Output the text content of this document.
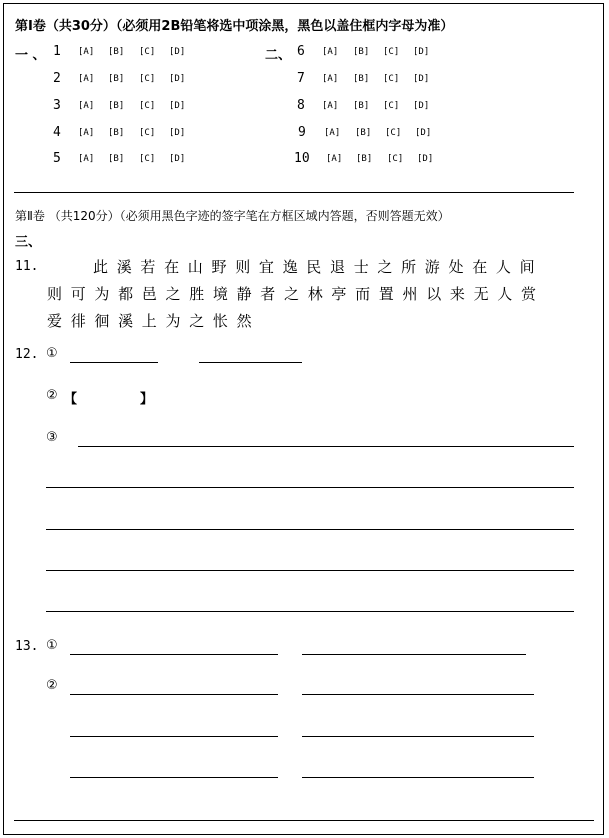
第Ⅰ卷（共30分）（必须用2B铅笔将选中项涂黑，黑色以盖住框内字母为准）
一 、	二、
1 [A] [B] [C] [D]
2 [A] [B] [C] [D]
3 [A] [B] [C] [D]
4 [A] [B] [C] [D]
5 [A] [B] [C] [D]
6 [A] [B] [C] [D]
7 [A] [B] [C] [D]
8 [A] [B] [C] [D]
9 [A] [B] [C] [D]
10 [A] [B] [C] [D]
第Ⅱ卷 （共120分）（必须用黑色字迹的签字笔在方框区域内答题，否则答题无效）
三、
11.	此溪若在山野则宜逸民退士之所游处在人间
则可为都邑之胜境静者之林亭而置州以来无人赏
爱徘徊溪上为之怅然
12. ①
② 【	】
③
13. ①
②
